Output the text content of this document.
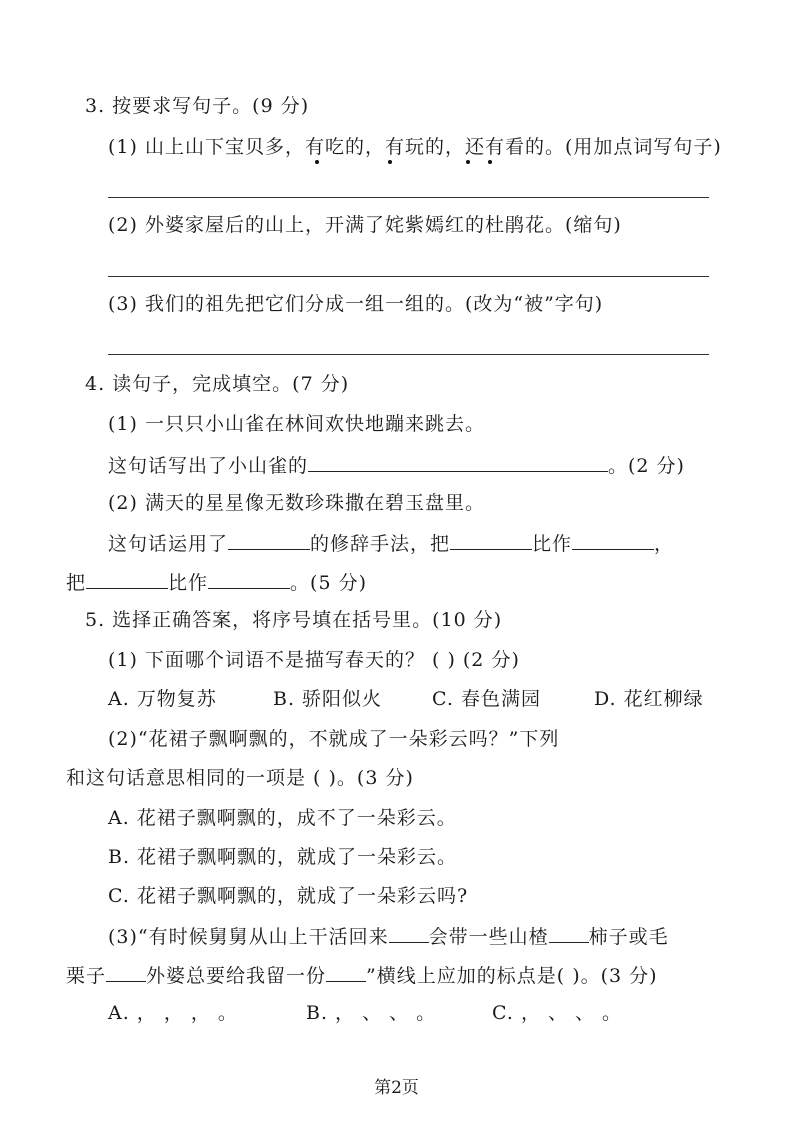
3. 按要求写句子。(9 分)
(1) 山上山下宝贝多，有吃的，有玩的，还有看的。(用加点词写句子)
(2) 外婆家屋后的山上，开满了姹紫嫣红的杜鹃花。(缩句)
(3) 我们的祖先把它们分成一组一组的。(改为“被”字句)
4. 读句子，完成填空。(7 分)
(1) 一只只小山雀在林间欢快地蹦来跳去。
这句话写出了小山雀的	。(2 分)
(2) 满天的星星像无数珍珠撒在碧玉盘里。
这句话运用了	的修辞手法，把	比作	，
把	比作	。(5 分)
5. 选择正确答案，将序号填在括号里。(10 分)
(1) 下面哪个词语不是描写春天的？ ( ) (2 分)
A. 万物复苏	B. 骄阳似火	C. 春色满园	D. 花红柳绿
(2)“花裙子飘啊飘的，不就成了一朵彩云吗？”下列
和这句话意思相同的一项是 ( )。(3 分)
A. 花裙子飘啊飘的，成不了一朵彩云。
B. 花裙子飘啊飘的，就成了一朵彩云。
C. 花裙子飘啊飘的，就成了一朵彩云吗?
(3)“有时候舅舅从山上干活回来 会带一些山楂 柿子或毛
栗子 外婆总要给我留一份 ”横线上应加的标点是( )。(3 分)
A. ， ， ， 。	B. ， 、 、 。	C. ， 、 、 。
第2页
